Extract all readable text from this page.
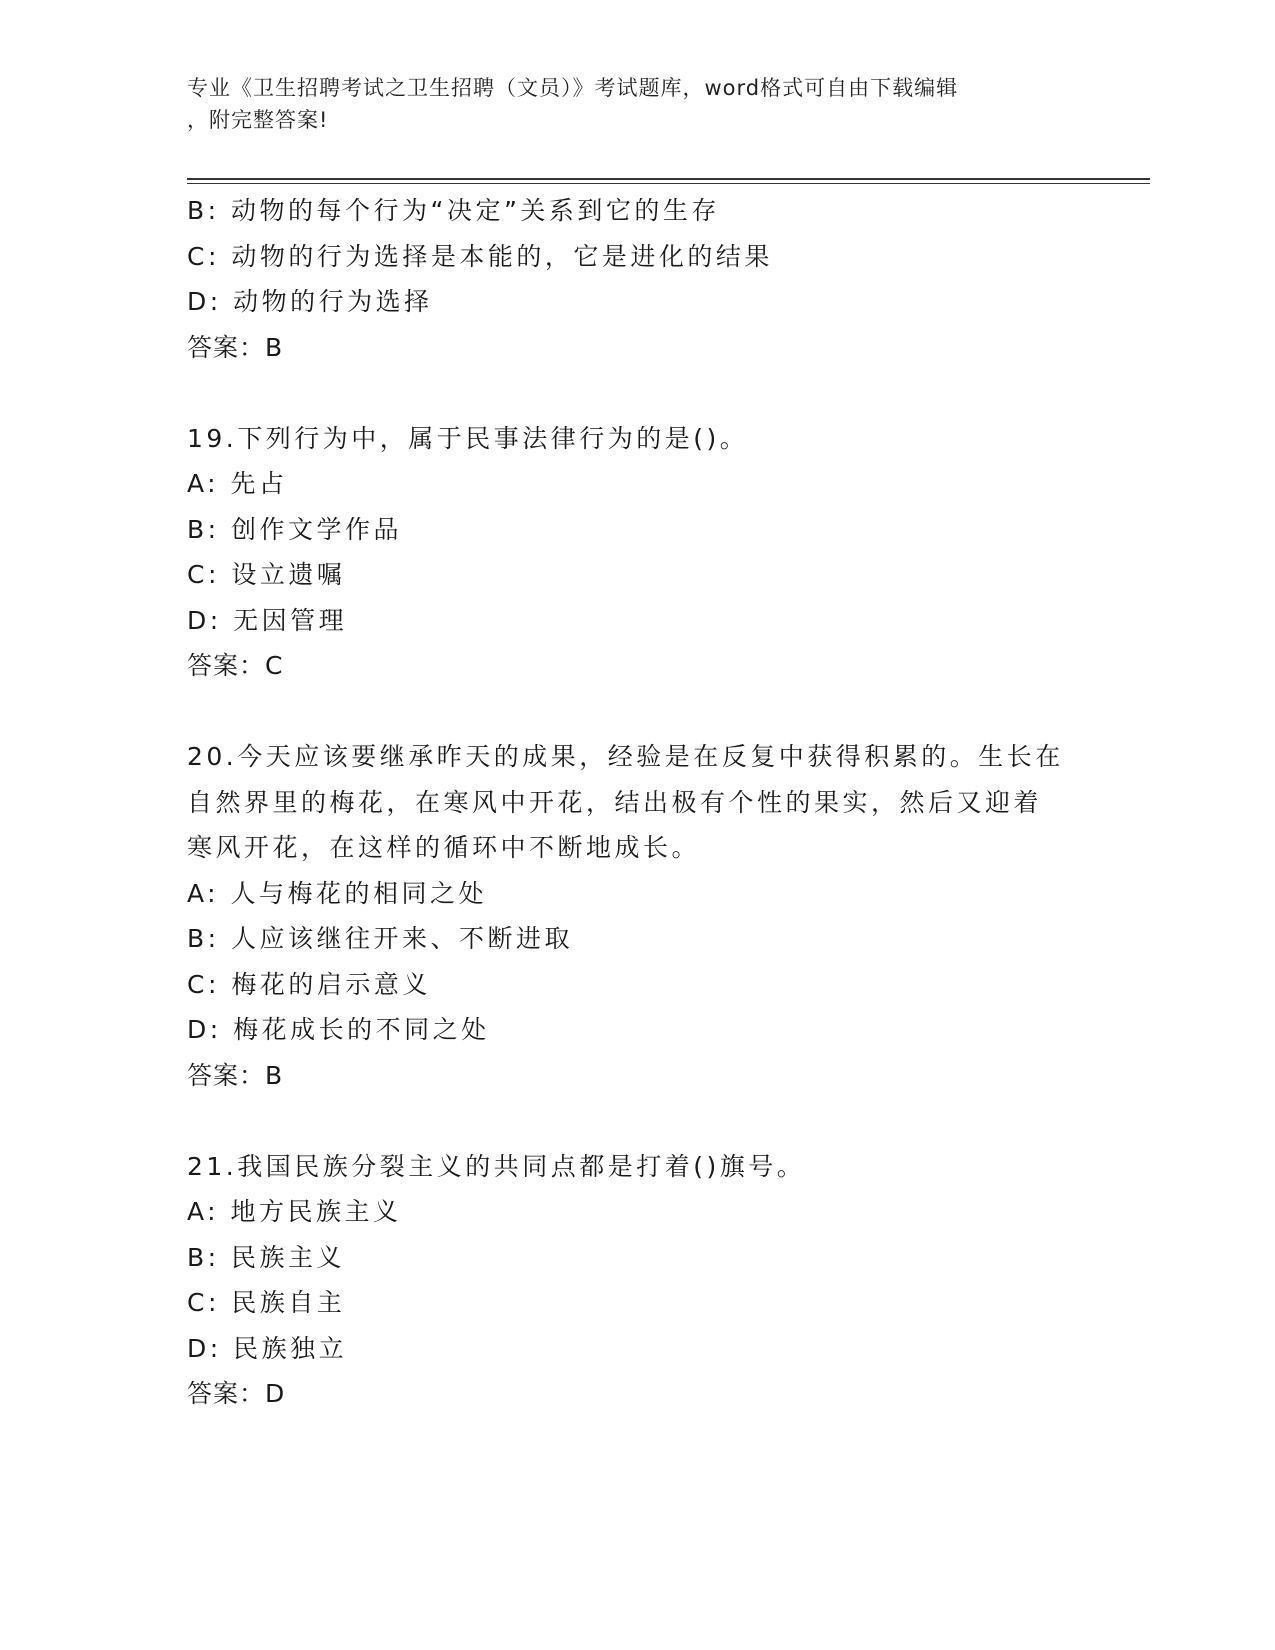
专业《卫生招聘考试之卫生招聘（文员）》考试题库，word格式可自由下载编辑
，附完整答案!
B: 动物的每个行为“决定”关系到它的生存
C: 动物的行为选择是本能的，它是进化的结果
D: 动物的行为选择
答案：B
19.下列行为中，属于民事法律行为的是()。
A: 先占
B: 创作文学作品
C: 设立遗嘱
D: 无因管理
答案：C
20.今天应该要继承昨天的成果，经验是在反复中获得积累的。生长在
自然界里的梅花，在寒风中开花，结出极有个性的果实，然后又迎着
寒风开花，在这样的循环中不断地成长。
A: 人与梅花的相同之处
B: 人应该继往开来、不断进取
C: 梅花的启示意义
D: 梅花成长的不同之处
答案：B
21.我国民族分裂主义的共同点都是打着()旗号。
A: 地方民族主义
B: 民族主义
C: 民族自主
D: 民族独立
答案：D
